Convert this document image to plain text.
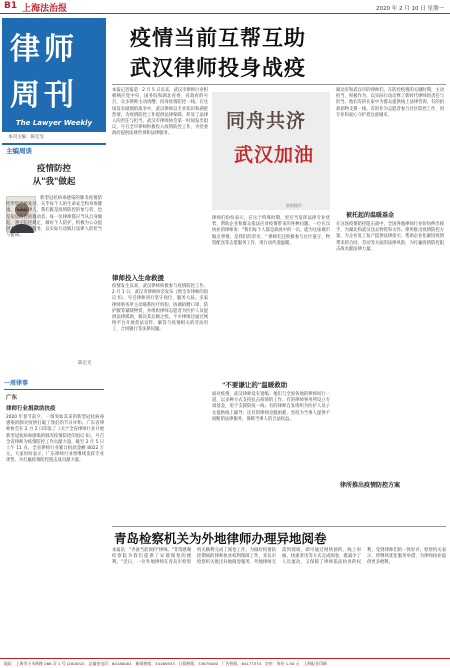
B1 上海法治报	2020 年 2 月 10 日 星期一
律师
周刊
The Lawyer Weekly
本刊主编：陈宏光
主编周谈
疫情防控
从"我"做起
新型冠状病毒感染的肺炎疫情防控形势严峻复杂，关乎每个人的生命安全和身体健康。作为法律人，我们既是疫情防控的参与者，也是依法防控的推动者。每一位律师都应当从自身做起，遵守防控规定，做好个人防护，积极为公众提供专业的法律服务，以实际行动践行法律人的担当与使命。
陈宏光
一周律事
广东
律师行业捐款助抗疫
2020 年春节前夕，一场突如其来的新型冠状病毒感染的肺炎疫情打破了我们的节日祥和。广东省律师协会在 2 月 2 日印发了《关于全省律师行业开展新型冠状病毒感染的肺炎疫情防控的倡议书》，号召全省律师为疫情防控工作贡献力量。截至 2 月 5 日上午 11 点，全省律师行业累计捐款金额 8022 万元。大家纷纷表示，广东律师行业将继续发挥专业优势，为打赢疫情防控阻击战贡献力量。
疫情当前互帮互助
武汉律师投身战疫
本报记者报道　2 月 5 日以来，武汉市律师行业积极响应党中央、国务院和湖北省委、省政府的号召，众多律师主动请缨，投身疫情防控一线。在这场没有硝烟的战争中，武汉律师以专业知识和满腔热情，为疫情防控工作提供法律保障，彰显了法律人的责任与担当。武汉市律师协会第一时间发出倡议，号召全市律师积极投入疫情防控工作，为党委政府提供法律咨询和法律服务。
同舟共济
武汉加油
资料图片
湖北省和武汉市的律师们，在防控疫情的关键时期，主动担当，积极作为，以实际行动诠释了新时代律师的责任与担当。他们有的在家中为群众提供线上法律咨询，有的捐款捐物支援一线，有的作为志愿者参与社区防控工作，用专业和爱心守护着这座城市。
被托起的温暖基金
疫情发生以来，武汉律师积极参与疫情防控工作。2 月 1 日，武汉市律师协会发布《致全市律师的倡议书》，号召律师同行坚守岗位、服务大局。多家律师事务所主动联系医疗机构，协调捐赠口罩、防护服等紧缺物资，并组织律师志愿者为医护人员提供法律援助，解决其后顾之忧。不少律师还通过网络平台开展普法宣传，解答与疫情相关的劳动用工、合同履行等法律问题。
律师投入生命救援
律师们纷纷表示，在这个特殊时期，更应当发挥法律专业优势，帮助企业和群众依法应对疫情带来的各种问题。一位在汉执业的律师说："我们每个人都是战疫中的一员，能为这座城市做点事情，是我们的荣幸。" 律师们还积极参与社区值守、物资配送等志愿服务工作，用行动传递温暖。
"不要谦让的"温暖救助
面对疫情，武汉律师没有退缩。他们与全国各地的律师同行一道，以多种方式支持抗击疫情的工作。有的律师事务所设立专项基金，用于支援防疫一线；有的律师自发组织为医护人员子女提供线上辅导；还有的律师克服困难，坚持为当事人提供不间断的法律服务，保障当事人的合法权益。
在这场疫情防控阻击战中，全国各地律师行业纷纷伸出援手，为湖北和武汉送去物资和关怀。律所推出疫情防控方案，为企业复工复产提供法律指引，帮助企业化解因疫情带来的合同、劳动等方面的法律风险，为打赢疫情防控阻击战贡献法律力量。
律所推出疫情防控方案
青岛检察机关为外地律师办理异地阅卷
本报讯　"齐备当前预约"律师。"非常感谢检察院为我们提供了异地阅卷的便利。"近日，一位外地律师在青岛市检察机关顺利完成了阅卷工作。为做好疫情防控期间的律师执业权利保障工作，青岛市检察机关推出异地阅卷服务，外地律师无需到现场，即可通过网络预约、线上审核、快递寄送等方式完成阅卷，既减少了人员流动，又保障了律师依法执业的权利，受到律师们的一致好评。检察机关表示，将继续优化服务举措，为律师执业提供更多便利。
地址：上海市小木桥路 268 弄 1 号 (200032)　总编室电话：64180001　新闻热线：34160933　订阅热线：33675000　广告热线：64177374　定价：每份 1.50 元　上海报业印刷
